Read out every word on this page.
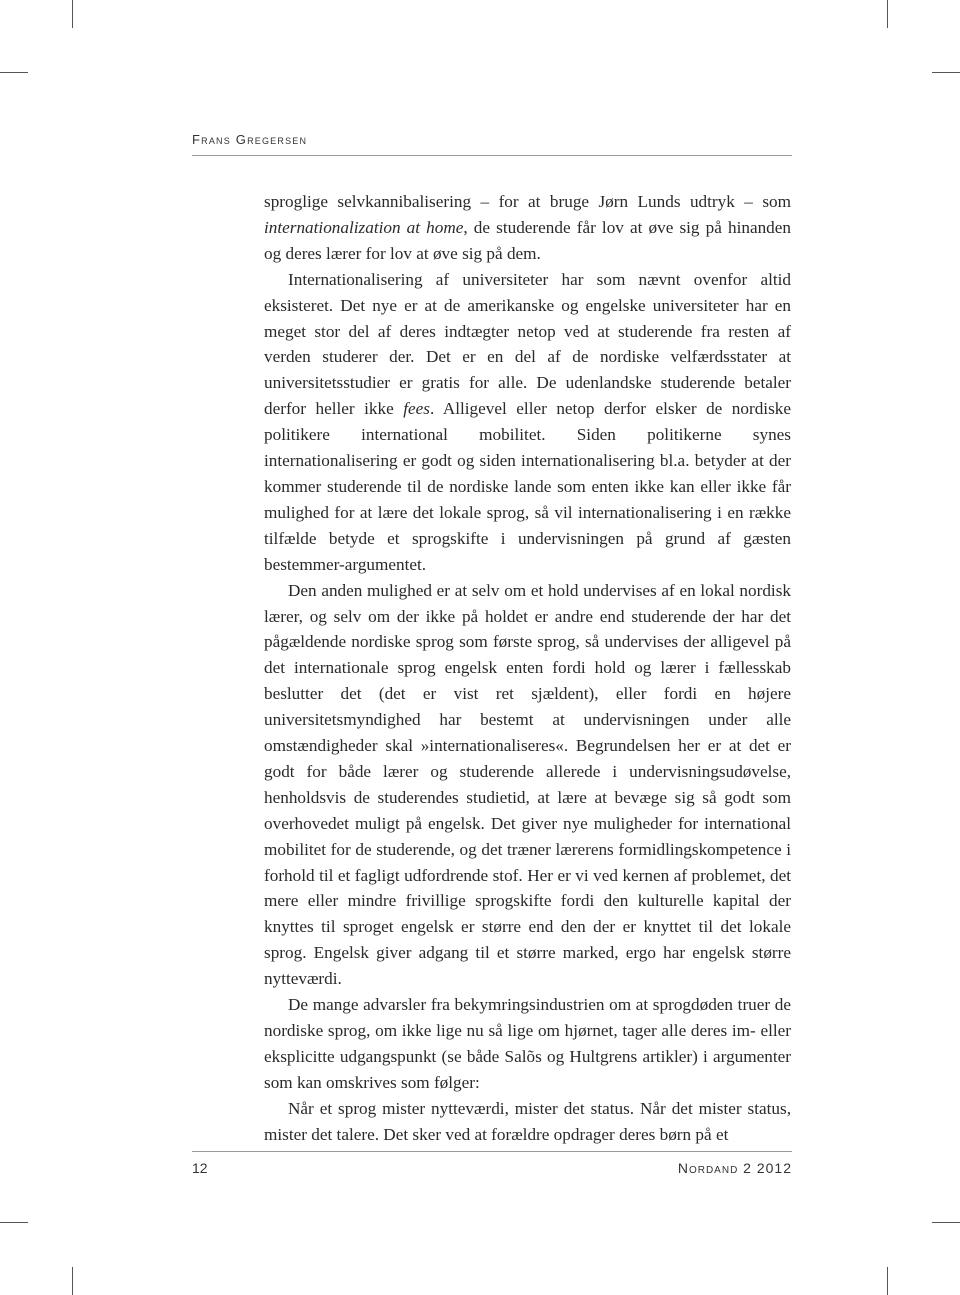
Frans Gregersen

sproglige selvkannibalisering – for at bruge Jørn Lunds udtryk – som internationalization at home, de studerende får lov at øve sig på hinanden og deres lærer for lov at øve sig på dem.

Internationalisering af universiteter har som nævnt ovenfor altid eksisteret. Det nye er at de amerikanske og engelske universiteter har en meget stor del af deres indtægter netop ved at studerende fra resten af verden studerer der. Det er en del af de nordiske velfærdsstater at universitetsstudier er gratis for alle. De udenlandske studerende betaler derfor heller ikke fees. Alligevel eller netop derfor elsker de nordiske politikere international mobilitet. Siden politikerne synes internationalisering er godt og siden internationalisering bl.a. betyder at der kommer studerende til de nordiske lande som enten ikke kan eller ikke får mulighed for at lære det lokale sprog, så vil internationalisering i en række tilfælde betyde et sprogskifte i undervisningen på grund af gæsten bestemmer-argumentet.

Den anden mulighed er at selv om et hold undervises af en lokal nordisk lærer, og selv om der ikke på holdet er andre end studerende der har det pågældende nordiske sprog som første sprog, så undervises der alligevel på det internationale sprog engelsk enten fordi hold og lærer i fællesskab beslutter det (det er vist ret sjældent), eller fordi en højere universitetsmyndighed har bestemt at undervisningen under alle omstændigheder skal »internationaliseres«. Begrundelsen her er at det er godt for både lærer og studerende allerede i undervisningsudøvelse, henholdsvis de studerendes studietid, at lære at bevæge sig så godt som overhovedet muligt på engelsk. Det giver nye muligheder for international mobilitet for de studerende, og det træner lærerens formidlingskompetence i forhold til et fagligt udfordrende stof. Her er vi ved kernen af problemet, det mere eller mindre frivillige sprogskifte fordi den kulturelle kapital der knyttes til sproget engelsk er større end den der er knyttet til det lokale sprog. Engelsk giver adgang til et større marked, ergo har engelsk større nytteværdi.

De mange advarsler fra bekymringsindustrien om at sprogdøden truer de nordiske sprog, om ikke lige nu så lige om hjørnet, tager alle deres im- eller eksplicitte udgangspunkt (se både Salõs og Hultgrens artikler) i argumenter som kan omskrives som følger:

Når et sprog mister nytteværdi, mister det status. Når det mister status, mister det talere. Det sker ved at forældre opdrager deres børn på et

12	Nordand 2 2012
